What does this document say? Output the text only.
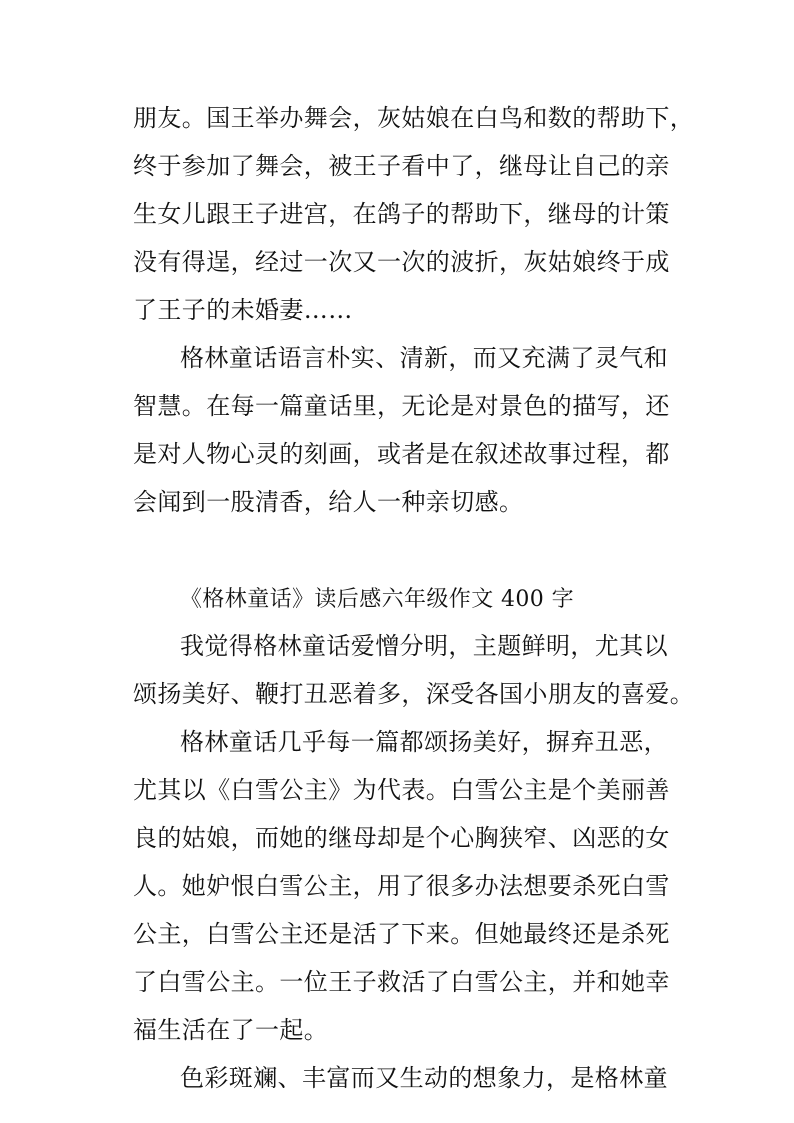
朋友。国王举办舞会，灰姑娘在白鸟和数的帮助下，
终于参加了舞会，被王子看中了，继母让自己的亲
生女儿跟王子进宫，在鸽子的帮助下，继母的计策
没有得逞，经过一次又一次的波折，灰姑娘终于成
了王子的未婚妻……
格林童话语言朴实、清新，而又充满了灵气和
智慧。在每一篇童话里，无论是对景色的描写，还
是对人物心灵的刻画，或者是在叙述故事过程，都
会闻到一股清香，给人一种亲切感。
《格林童话》读后感六年级作文 400 字
我觉得格林童话爱憎分明，主题鲜明，尤其以
颂扬美好、鞭打丑恶着多，深受各国小朋友的喜爱。
格林童话几乎每一篇都颂扬美好，摒弃丑恶，
尤其以《白雪公主》为代表。白雪公主是个美丽善
良的姑娘，而她的继母却是个心胸狭窄、凶恶的女
人。她妒恨白雪公主，用了很多办法想要杀死白雪
公主，白雪公主还是活了下来。但她最终还是杀死
了白雪公主。一位王子救活了白雪公主，并和她幸
福生活在了一起。
色彩斑斓、丰富而又生动的想象力，是格林童
